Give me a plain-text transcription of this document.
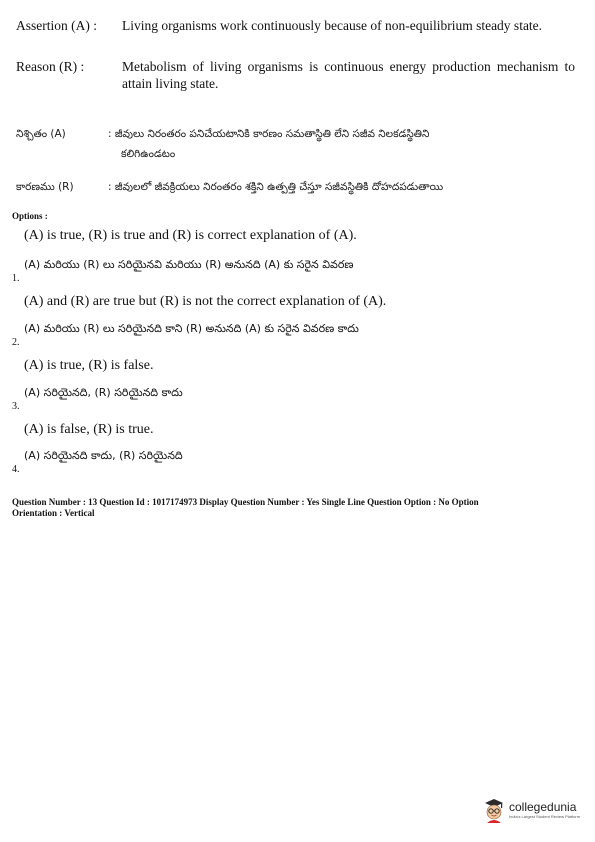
Assertion (A) : Living organisms work continuously because of non-equilibrium steady state.
Reason (R) :	Metabolism of living organisms is continuous energy production mechanism to attain living state.
నిశ్చితం (A)	: జీవులు నిరంతరం పనిచేయటానికి కారణం సమతాస్థితి లేని సజీవ నిలకడస్థితిని
కలిగిఉండటం
కారణము (R)	: జీవులలో జీవక్రియలు నిరంతరం శక్తిని ఉత్పత్తి చేస్తూ సజీవస్థితికి దోహదపడుతాయి
Options :
(A) is true, (R) is true and (R) is correct explanation of (A).
(A) మరియు (R) లు సరియైనవి మరియు (R) అనునది (A) కు సరైన వివరణ
1.
(A) and (R) are true but (R) is not the correct explanation of (A).
(A) మరియు (R) లు సరియైనది కాని (R) అనునది (A) కు సరైన వివరణ కాదు
2.
(A) is true, (R) is false.
(A) సరియైనది, (R) సరియైనది కాదు
3.
(A) is false, (R) is true.
(A) సరియైనది కాదు, (R) సరియైనది
4.
Question Number : 13 Question Id : 1017174973 Display Question Number : Yes Single Line Question Option : No Option
Orientation : Vertical
collegedunia
India's Largest Student Review Platform
